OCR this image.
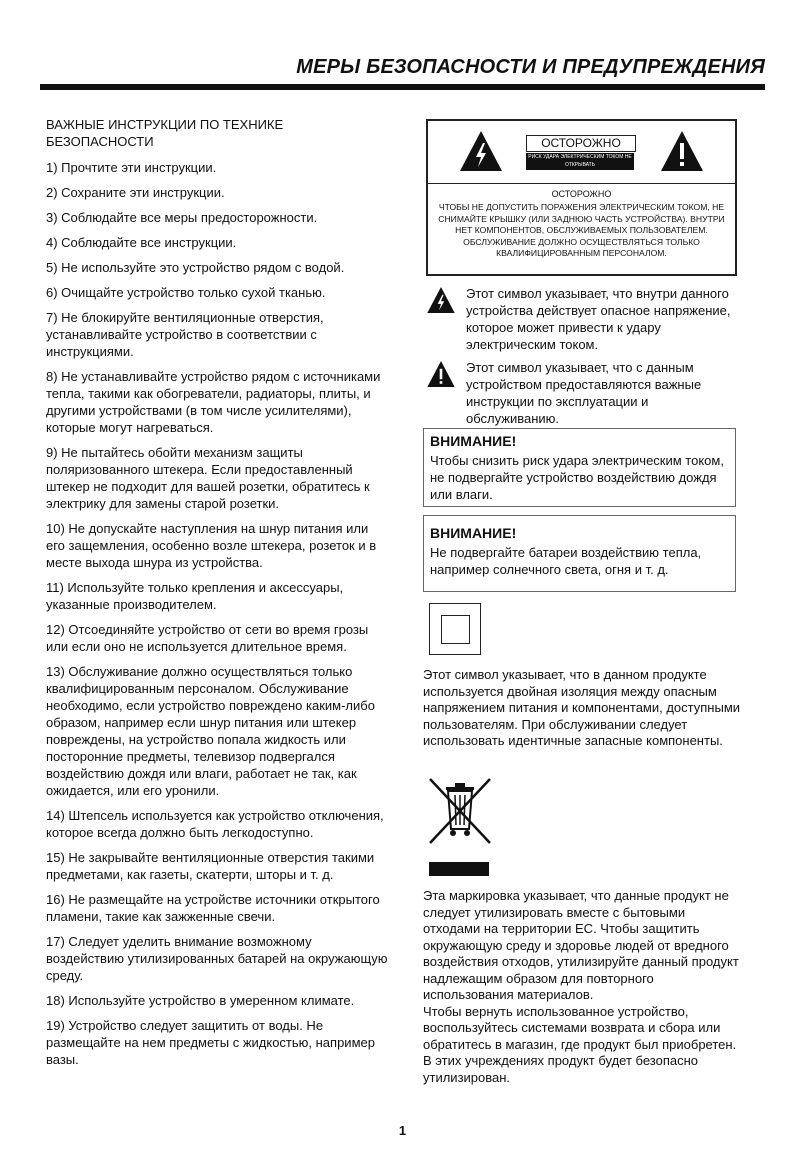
МЕРЫ БЕЗОПАСНОСТИ И ПРЕДУПРЕЖДЕНИЯ
ВАЖНЫЕ ИНСТРУКЦИИ ПО ТЕХНИКЕ БЕЗОПАСНОСТИ

1) Прочтите эти инструкции.

2) Сохраните эти инструкции.

3) Соблюдайте все меры предосторожности.

4) Соблюдайте все инструкции.

5) Не используйте это устройство рядом с водой.

6) Очищайте устройство только сухой тканью.

7) Не блокируйте вентиляционные отверстия, устанавливайте устройство в соответствии с инструкциями.

8) Не устанавливайте устройство рядом с источниками тепла, такими как обогреватели, радиаторы, плиты, и другими устройствами (в том числе усилителями), которые могут нагреваться.

9) Не пытайтесь обойти механизм защиты поляризованного штекера. Если предоставленный штекер не подходит для вашей розетки, обратитесь к электрику для замены старой розетки.

10) Не допускайте наступления на шнур питания или его защемления, особенно возле штекера, розеток и в месте выхода шнура из устройства.

11) Используйте только крепления и аксессуары, указанные производителем.

12) Отсоединяйте устройство от сети во время грозы или если оно не используется длительное время.

13) Обслуживание должно осуществляться только квалифицированным персоналом. Обслуживание необходимо, если устройство повреждено каким-либо образом, например если шнур питания или штекер повреждены, на устройство попала жидкость или посторонние предметы, телевизор подвергался воздействию дождя или влаги, работает не так, как ожидается, или его уронили.

14) Штепсель используется как устройство отключения, которое всегда должно быть легкодоступно.

15) Не закрывайте вентиляционные отверстия такими предметами, как газеты, скатерти, шторы и т. д.

16) Не размещайте на устройстве источники открытого пламени, такие как зажженные свечи.

17) Следует уделить внимание возможному воздействию утилизированных батарей на окружающую среду.

18) Используйте устройство в умеренном климате.

19) Устройство следует защитить от воды. Не размещайте на нем предметы с жидкостью, например вазы.

ОСТОРОЖНО
РИСК УДАРА ЭЛЕКТРИЧЕСКИМ ТОКОМ НЕ ОТКРЫВАТЬ
ОСТОРОЖНО
ЧТОБЫ НЕ ДОПУСТИТЬ ПОРАЖЕНИЯ ЭЛЕКТРИЧЕСКИМ ТОКОМ, НЕ СНИМАЙТЕ КРЫШКУ (ИЛИ ЗАДНЮЮ ЧАСТЬ УСТРОЙСТВА). ВНУТРИ НЕТ КОМПОНЕНТОВ, ОБСЛУЖИВАЕМЫХ ПОЛЬЗОВАТЕЛЕМ. ОБСЛУЖИВАНИЕ ДОЛЖНО ОСУЩЕСТВЛЯТЬСЯ ТОЛЬКО КВАЛИФИЦИРОВАННЫМ ПЕРСОНАЛОМ.
Этот символ указывает, что внутри данного устройства действует опасное напряжение, которое может привести к удару электрическим током.
Этот символ указывает, что с данным устройством предоставляются важные инструкции по эксплуатации и обслуживанию.
ВНИМАНИЕ!
Чтобы снизить риск удара электрическим током, не подвергайте устройство воздействию дождя или влаги.
ВНИМАНИЕ!
Не подвергайте батареи воздействию тепла, например солнечного света, огня и т. д.
Этот символ указывает, что в данном продукте используется двойная изоляция между опасным напряжением питания и компонентами, доступными пользователям. При обслуживании следует использовать идентичные запасные компоненты.
Эта маркировка указывает, что данные продукт не следует утилизировать вместе с бытовыми отходами на территории ЕС. Чтобы защитить окружающую среду и здоровье людей от вредного воздействия отходов, утилизируйте данный продукт надлежащим образом для повторного использования материалов.
Чтобы вернуть использованное устройство, воспользуйтесь системами возврата и сбора или обратитесь в магазин, где продукт был приобретен. В этих учреждениях продукт будет безопасно утилизирован.
1
